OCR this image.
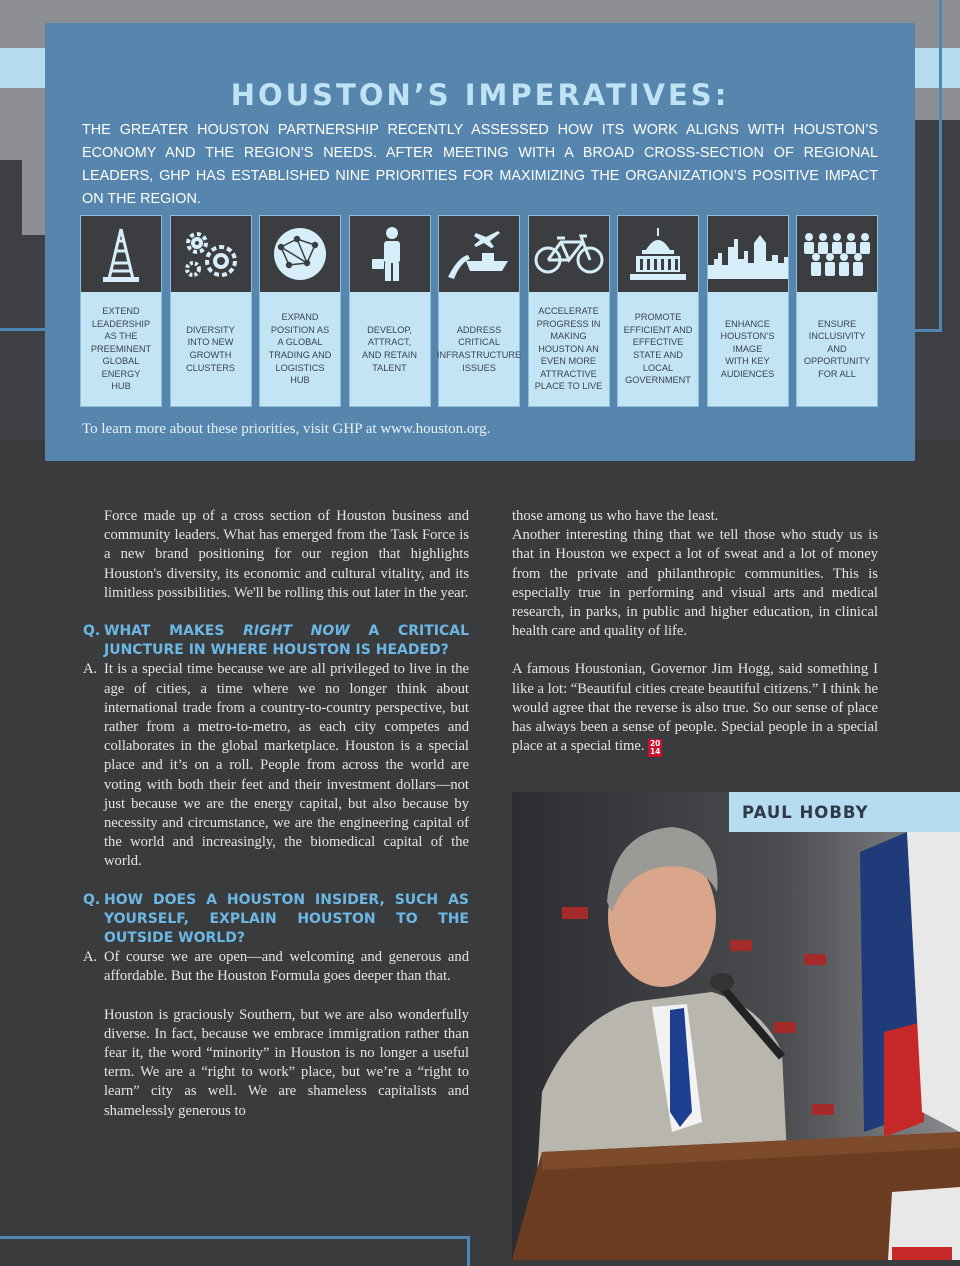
HOUSTON’S IMPERATIVES:

THE GREATER HOUSTON PARTNERSHIP RECENTLY ASSESSED HOW ITS WORK ALIGNS WITH HOUSTON’S ECONOMY AND THE REGION’S NEEDS. AFTER MEETING WITH A BROAD CROSS-SECTION OF REGIONAL LEADERS, GHP HAS ESTABLISHED NINE PRIORITIES FOR MAXIMIZING THE ORGANIZATION’S POSITIVE IMPACT ON THE REGION.

EXTEND
LEADERSHIP
AS THE
PREEMINENT
GLOBAL
ENERGY
HUB
DIVERSITY
INTO NEW
GROWTH
CLUSTERS
EXPAND
POSITION AS
A GLOBAL
TRADING AND
LOGISTICS
HUB
DEVELOP,
ATTRACT,
AND RETAIN
TALENT
ADDRESS
CRITICAL
INFRASTRUCTURE
ISSUES
ACCELERATE
PROGRESS IN
MAKING
HOUSTON AN
EVEN MORE
ATTRACTIVE
PLACE TO LIVE
PROMOTE
EFFICIENT AND
EFFECTIVE
STATE AND
LOCAL
GOVERNMENT
ENHANCE
HOUSTON’S
IMAGE
WITH KEY
AUDIENCES
ENSURE
INCLUSIVITY
AND
OPPORTUNITY
FOR ALL

To learn more about these priorities, visit GHP at www.houston.org.

Force made up of a cross section of Houston business and community leaders. What has emerged from the Task Force is a new brand positioning for our region that highlights Houston's diversity, its economic and cultural vitality, and its limitless possibilities. We'll be rolling this out later in the year.

Q. WHAT MAKES RIGHT NOW A CRITICAL JUNCTURE IN WHERE HOUSTON IS HEADED?

A. It is a special time because we are all privileged to live in the age of cities, a time where we no longer think about international trade from a country-to-country perspective, but rather from a metro-to-metro, as each city competes and collaborates in the global marketplace. Houston is a special place and it’s on a roll. People from across the world are voting with both their feet and their investment dollars—not just because we are the energy capital, but also because by necessity and circumstance, we are the engineering capital of the world and increasingly, the biomedical capital of the world.

Q. HOW DOES A HOUSTON INSIDER, SUCH AS YOURSELF, EXPLAIN HOUSTON TO THE OUTSIDE WORLD?

A. Of course we are open—and welcoming and generous and affordable. But the Houston Formula goes deeper than that.

Houston is graciously Southern, but we are also wonderfully diverse. In fact, because we embrace immigration rather than fear it, the word “minority” in Houston is no longer a useful term. We are a “right to work” place, but we’re a “right to learn” city as well. We are shameless capitalists and shamelessly generous to

those among us who have the least.

Another interesting thing that we tell those who study us is that in Houston we expect a lot of sweat and a lot of money from the private and philanthropic communities. This is especially true in performing and visual arts and medical research, in parks, in public and higher education, in clinical health care and quality of life.

A famous Houstonian, Governor Jim Hogg, said something I like a lot: “Beautiful cities create beautiful citizens.” I think he would agree that the reverse is also true. So our sense of place has always been a sense of people. Special people in a special place at a special time. 20
14

PAUL HOBBY
